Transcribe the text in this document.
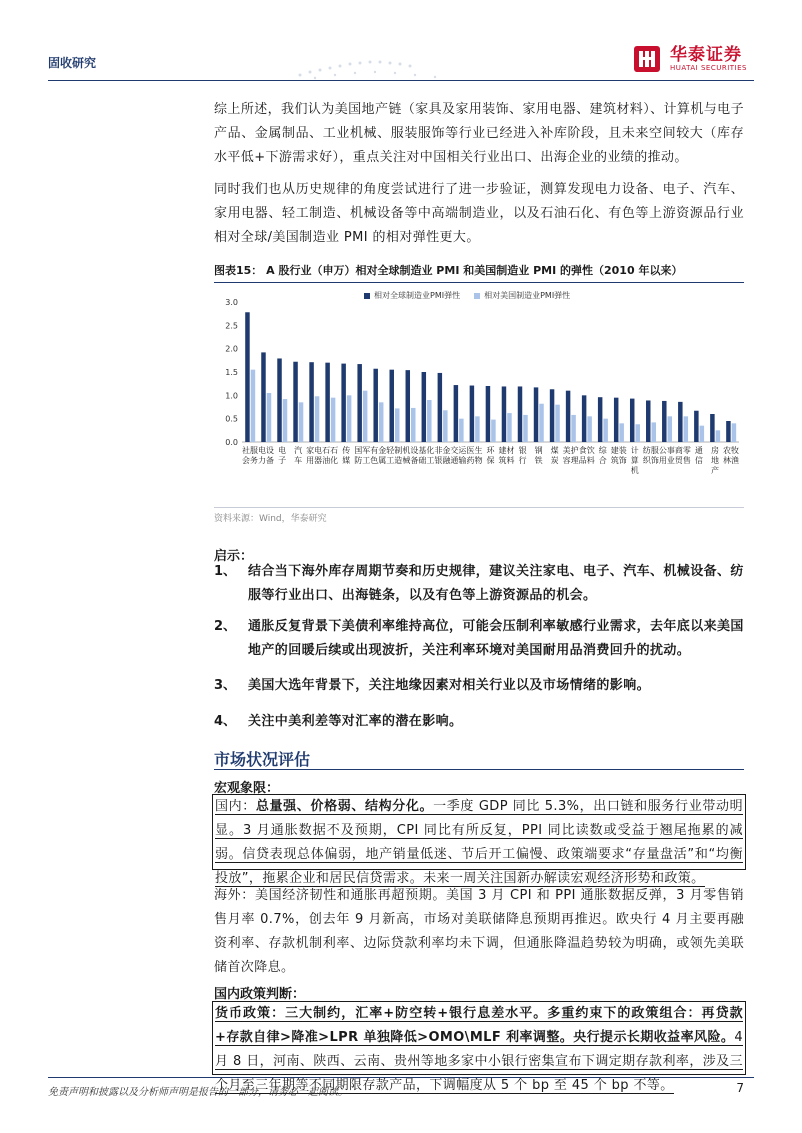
固收研究	华泰证券
HUATAI SECURITIES

综上所述，我们认为美国地产链（家具及家用装饰、家用电器、建筑材料）、计算机与电子产品、金属制品、工业机械、服装服饰等行业已经进入补库阶段，且未来空间较大（库存水平低+下游需求好），重点关注对中国相关行业出口、出海企业的业绩的推动。

同时我们也从历史规律的角度尝试进行了进一步验证，测算发现电力设备、电子、汽车、家用电器、轻工制造、机械设备等中高端制造业，以及石油石化、有色等上游资源品行业相对全球/美国制造业 PMI 的相对弹性更大。

图表15： A 股行业（申万）相对全球制造业 PMI 和美国制造业 PMI 的弹性（2010 年以来）
相对全球制造业PMI弹性	相对美国制造业PMI弹性
0.0
0.5
1.0
1.5
2.0
2.5
3.0
社会服务
电力设备
电子
汽车
家用电器
石油石化
传媒
国防军工
有色金属
轻工制造
机械设备
基础化工
非银金融
交通运输
医药生物
环保
建筑材料
银行
钢铁
煤炭
美容护理
食品饮料
综合
建筑装饰
计算机
纺织服饰
公用事业
商贸零售
通信
房地产
农林牧渔
资料来源：Wind，华泰研究
启示：
1、 结合当下海外库存周期节奏和历史规律，建议关注家电、电子、汽车、机械设备、纺服等行业出口、出海链条，以及有色等上游资源品的机会。
2、 通胀反复背景下美债利率维持高位，可能会压制利率敏感行业需求，去年底以来美国地产的回暖后续或出现波折，关注利率环境对美国耐用品消费回升的扰动。
3、 美国大选年背景下，关注地缘因素对相关行业以及市场情绪的影响。
4、 关注中美利差等对汇率的潜在影响。
市场状况评估
宏观象限：

国内：总量强、价格弱、结构分化。一季度 GDP 同比 5.3%，出口链和服务行业带动明显。3 月通胀数据不及预期，CPI 同比有所反复，PPI 同比读数或受益于翘尾拖累的减弱。信贷表现总体偏弱，地产销量低迷、节后开工偏慢、政策端要求“存量盘活”和“均衡投放”，拖累企业和居民信贷需求。未来一周关注国新办解读宏观经济形势和政策。

海外：美国经济韧性和通胀再超预期。美国 3 月 CPI 和 PPI 通胀数据反弹，3 月零售销售月率 0.7%，创去年 9 月新高，市场对美联储降息预期再推迟。欧央行 4 月主要再融资利率、存款机制利率、边际贷款利率均未下调，但通胀降温趋势较为明确，或领先美联储首次降息。

国内政策判断：

货币政策：三大制约，汇率+防空转+银行息差水平。多重约束下的政策组合：再贷款+存款自律>降准>LPR 单独降低>OMO\MLF 利率调整。央行提示长期收益率风险。4 月 8 日，河南、陕西、云南、贵州等地多家中小银行密集宣布下调定期存款利率，涉及三个月至三年期等不同期限存款产品，下调幅度从 5 个 bp 至 45 个 bp 不等。

免责声明和披露以及分析师声明是报告的一部分，请务必一起阅读。	7
